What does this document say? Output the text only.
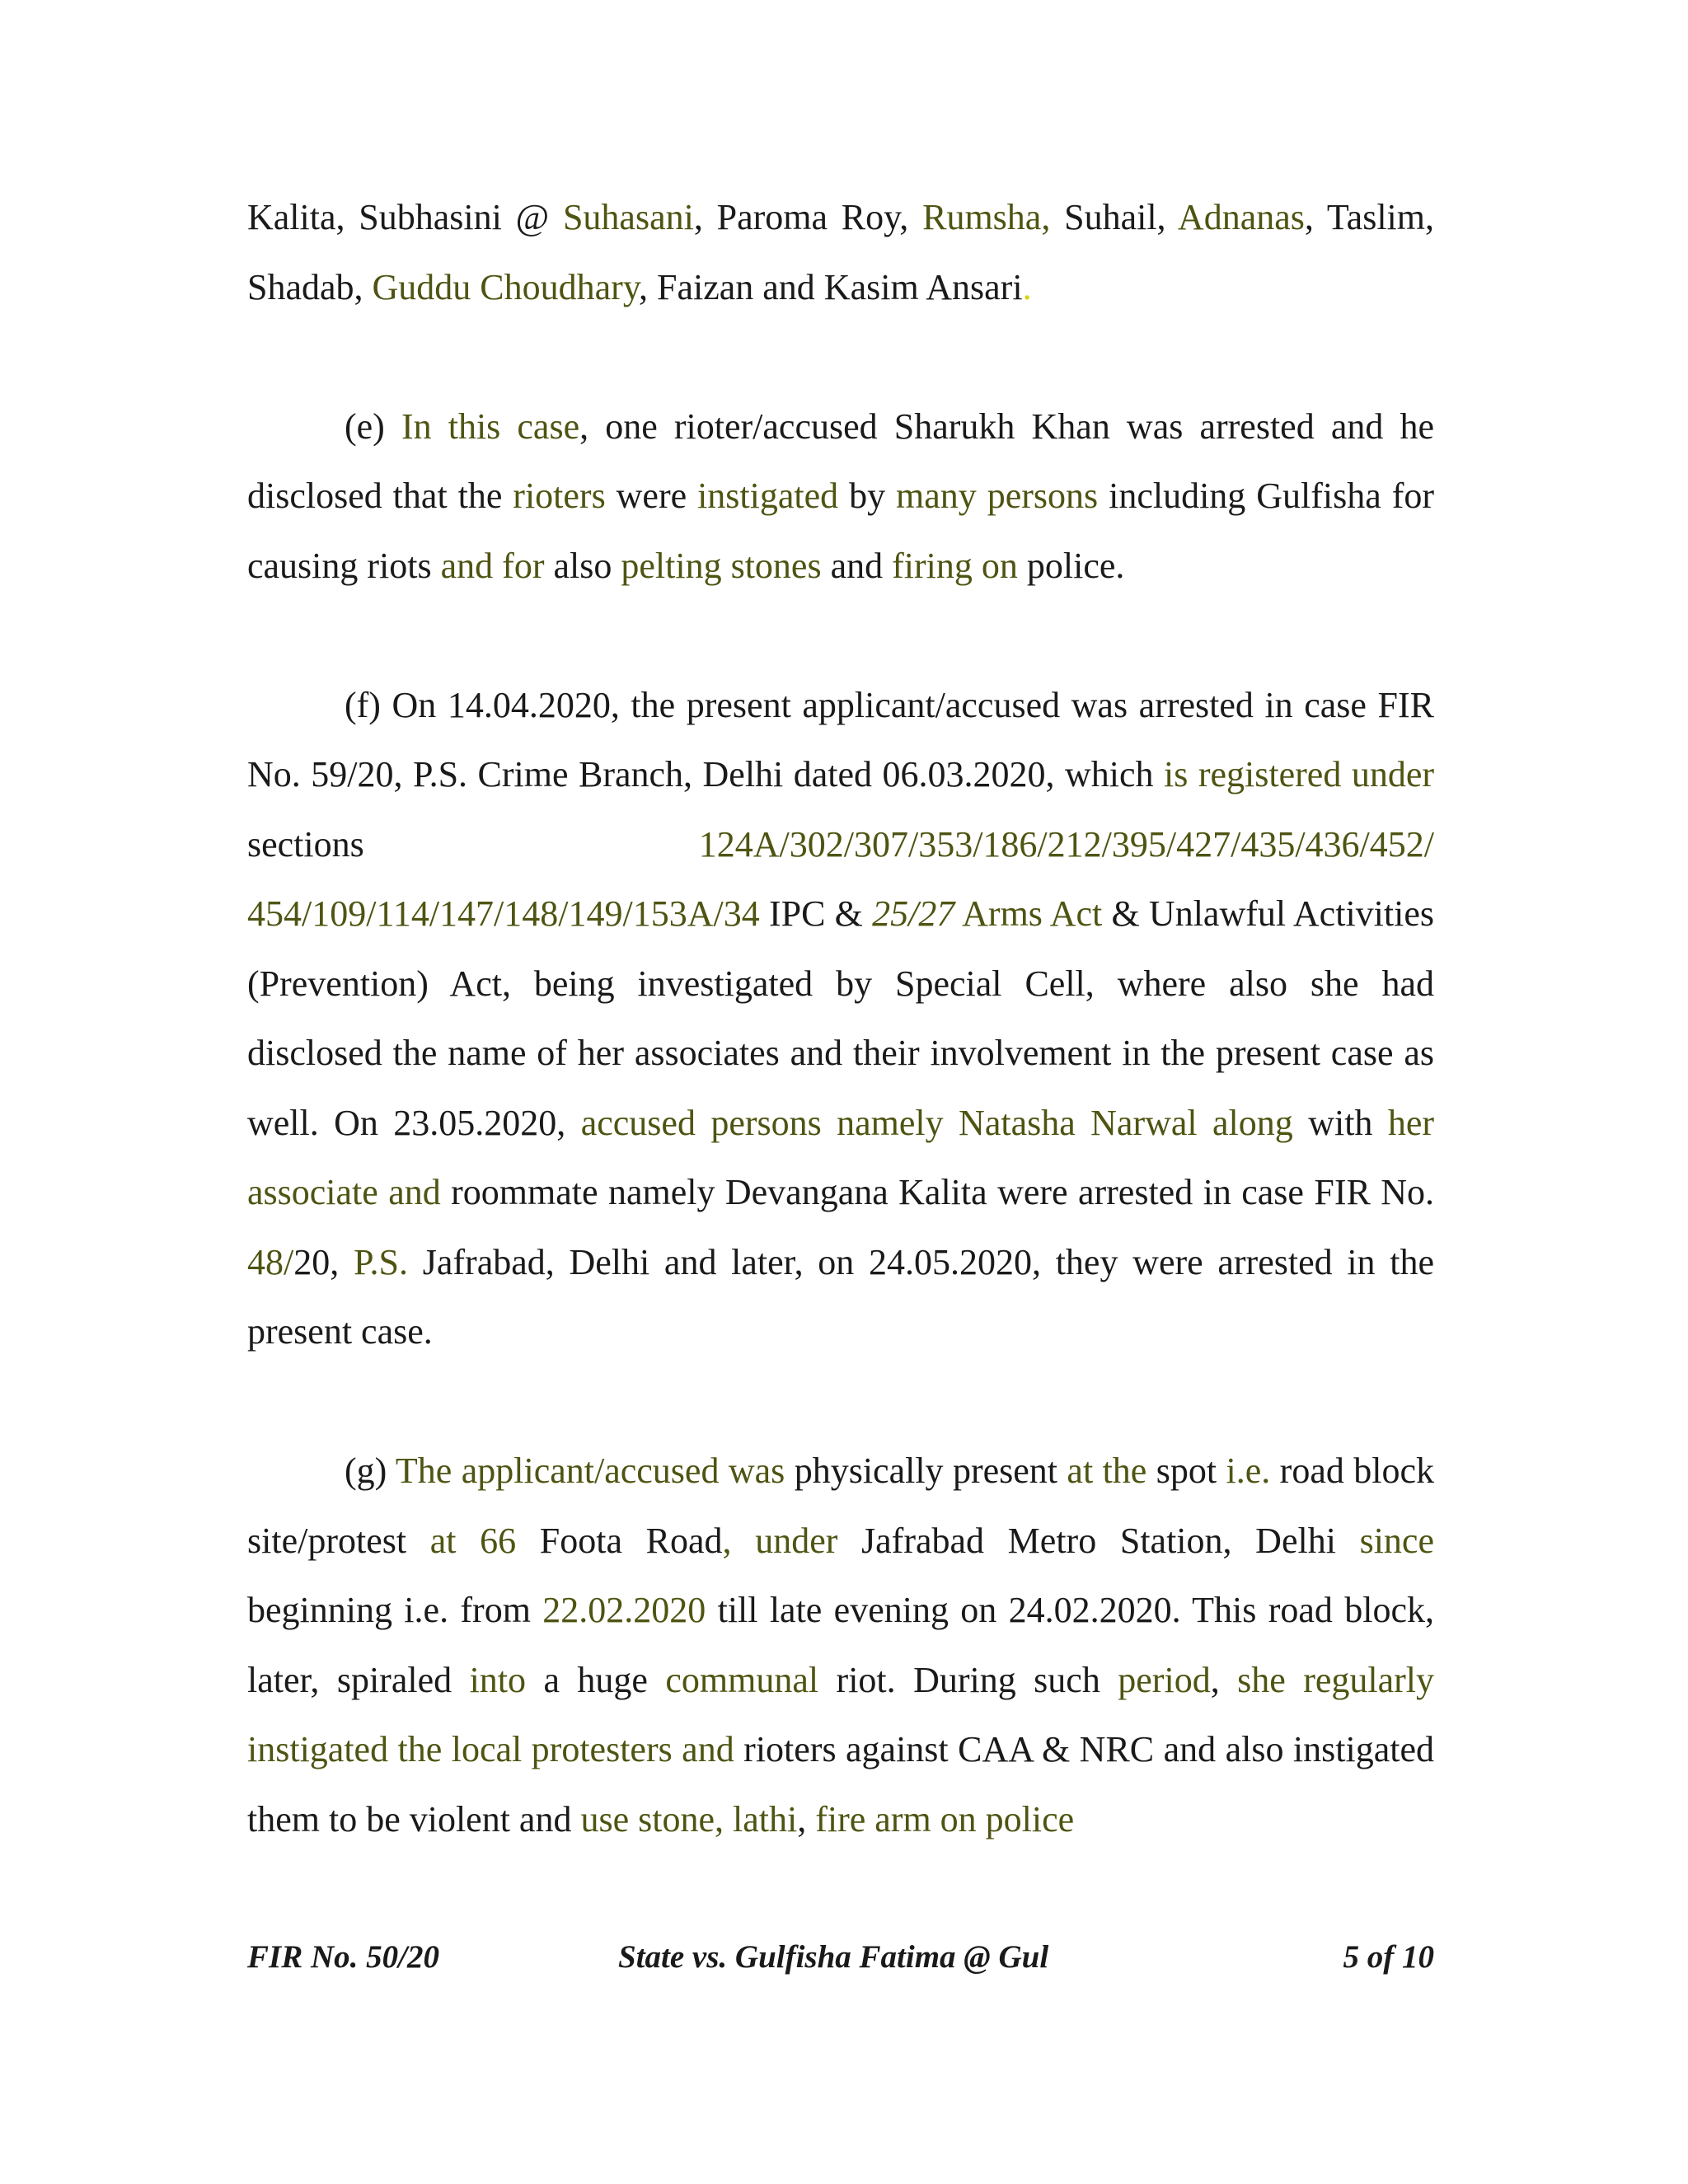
Kalita, Subhasini @ Suhasani, Paroma Roy, Rumsha, Suhail, Adnanas, Taslim, Shadab, Guddu Choudhary, Faizan and Kasim Ansari.

(e) In this case, one rioter/accused Sharukh Khan was arrested and he disclosed that the rioters were instigated by many persons including Gulfisha for causing riots and for also pelting stones and firing on police.

(f) On 14.04.2020, the present applicant/accused was arrested in case FIR No. 59/20, P.S. Crime Branch, Delhi dated 06.03.2020, which is registered under sections 124A/302/307/353/186/212/395/427/435/436/452/ 454/109/114/147/148/149/153A/34 IPC & 25/27 Arms Act & Unlawful Activities (Prevention) Act, being investigated by Special Cell, where also she had disclosed the name of her associates and their involvement in the present case as well. On 23.05.2020, accused persons namely Natasha Narwal along with her associate and roommate namely Devangana Kalita were arrested in case FIR No. 48/20, P.S. Jafrabad, Delhi and later, on 24.05.2020, they were arrested in the present case.

(g) The applicant/accused was physically present at the spot i.e. road block site/protest at 66 Foota Road, under Jafrabad Metro Station, Delhi since beginning i.e. from 22.02.2020 till late evening on 24.02.2020. This road block, later, spiraled into a huge communal riot. During such period, she regularly instigated the local protesters and rioters against CAA & NRC and also instigated them to be violent and use stone, lathi, fire arm on police

FIR No. 50/20	State vs. Gulfisha Fatima @ Gul	5 of 10
